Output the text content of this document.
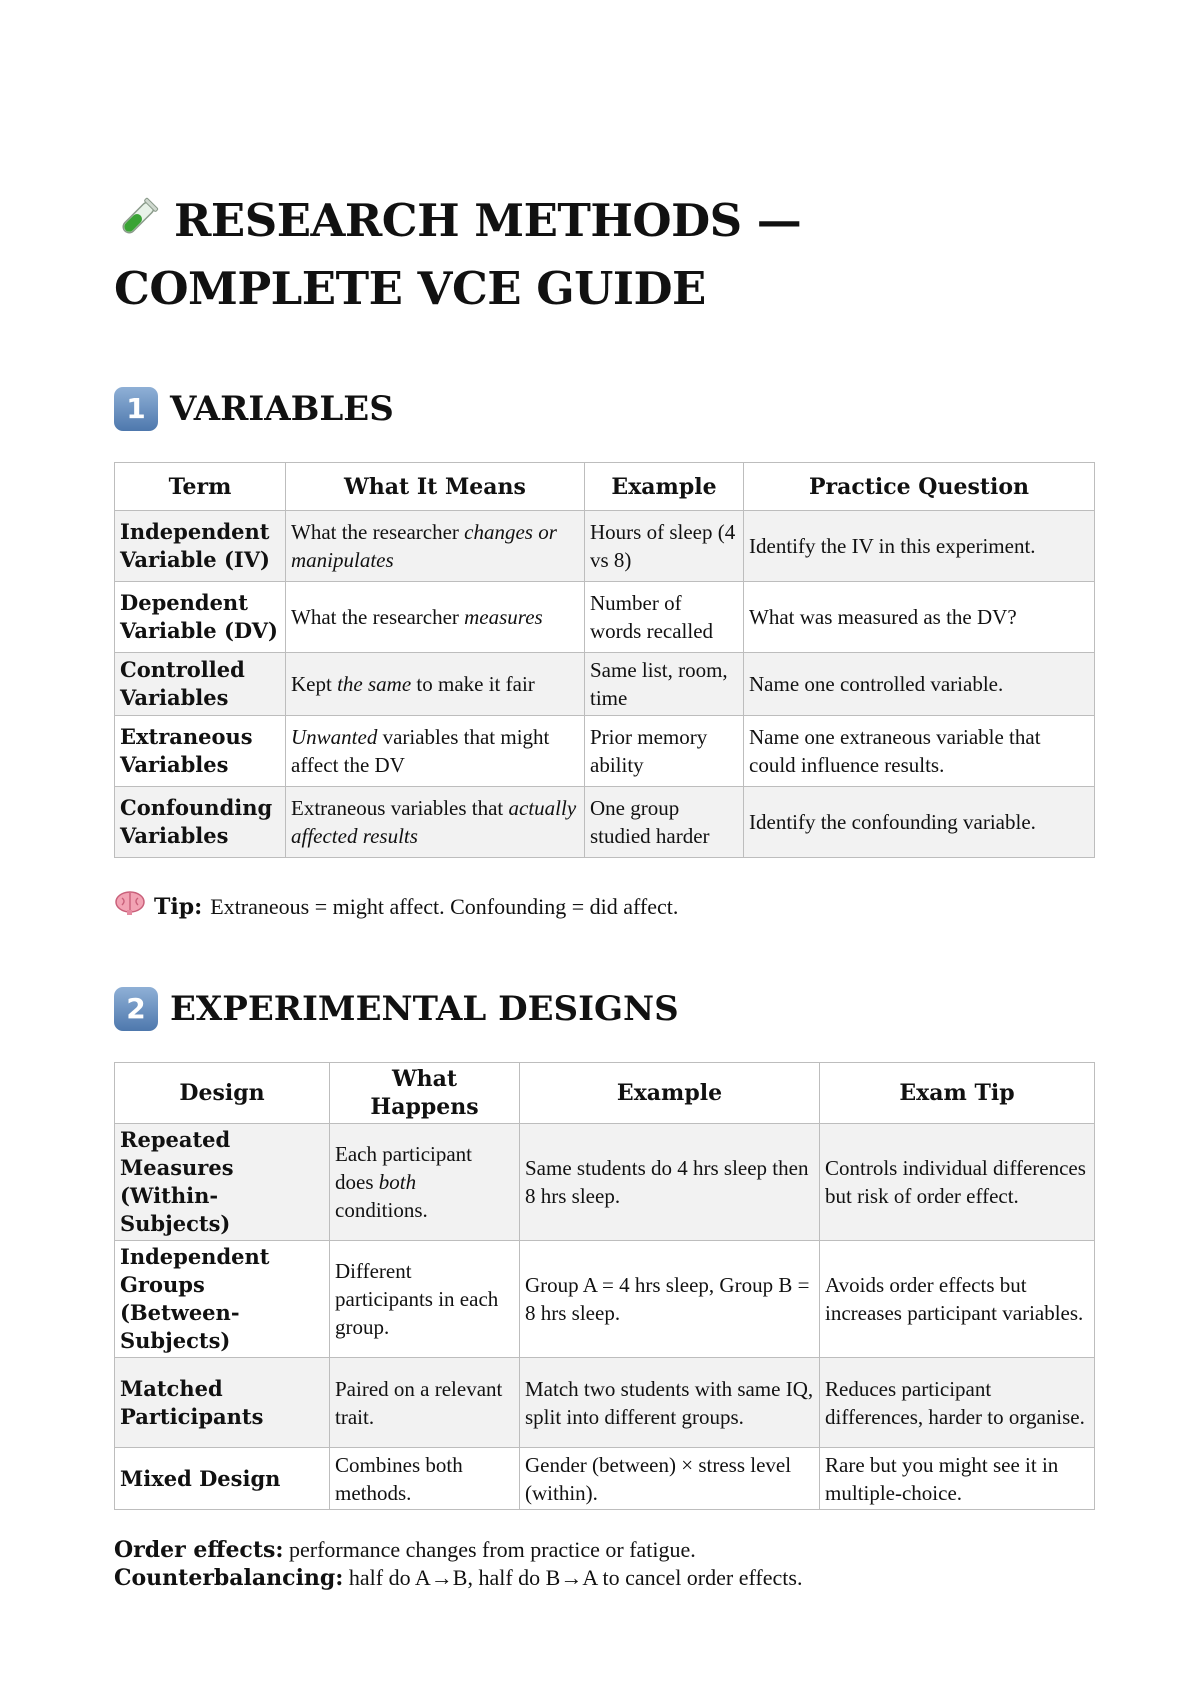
RESEARCH METHODS — COMPLETE VCE GUIDE
1 VARIABLES
Term	What It Means	Example	Practice Question
Independent Variable (IV)	What the researcher changes or manipulates	Hours of sleep (4 vs 8)	Identify the IV in this experiment.
Dependent Variable (DV)	What the researcher measures	Number of words recalled	What was measured as the DV?
Controlled Variables	Kept the same to make it fair	Same list, room, time	Name one controlled variable.
Extraneous Variables	Unwanted variables that might affect the DV	Prior memory ability	Name one extraneous variable that could influence results.
Confounding Variables	Extraneous variables that actually affected results	One group studied harder	Identify the confounding variable.
Tip: Extraneous = might affect. Confounding = did affect.
2 EXPERIMENTAL DESIGNS
Design	What Happens	Example	Exam Tip
Repeated Measures (Within-Subjects)	Each participant does both conditions.	Same students do 4 hrs sleep then 8 hrs sleep.	Controls individual differences but risk of order effect.
Independent Groups (Between-Subjects)	Different participants in each group.	Group A = 4 hrs sleep, Group B = 8 hrs sleep.	Avoids order effects but increases participant variables.
Matched Participants	Paired on a relevant trait.	Match two students with same IQ, split into different groups.	Reduces participant differences, harder to organise.
Mixed Design	Combines both methods.	Gender (between) × stress level (within).	Rare but you might see it in multiple-choice.
Order effects: performance changes from practice or fatigue.
Counterbalancing: half do A→B, half do B→A to cancel order effects.
